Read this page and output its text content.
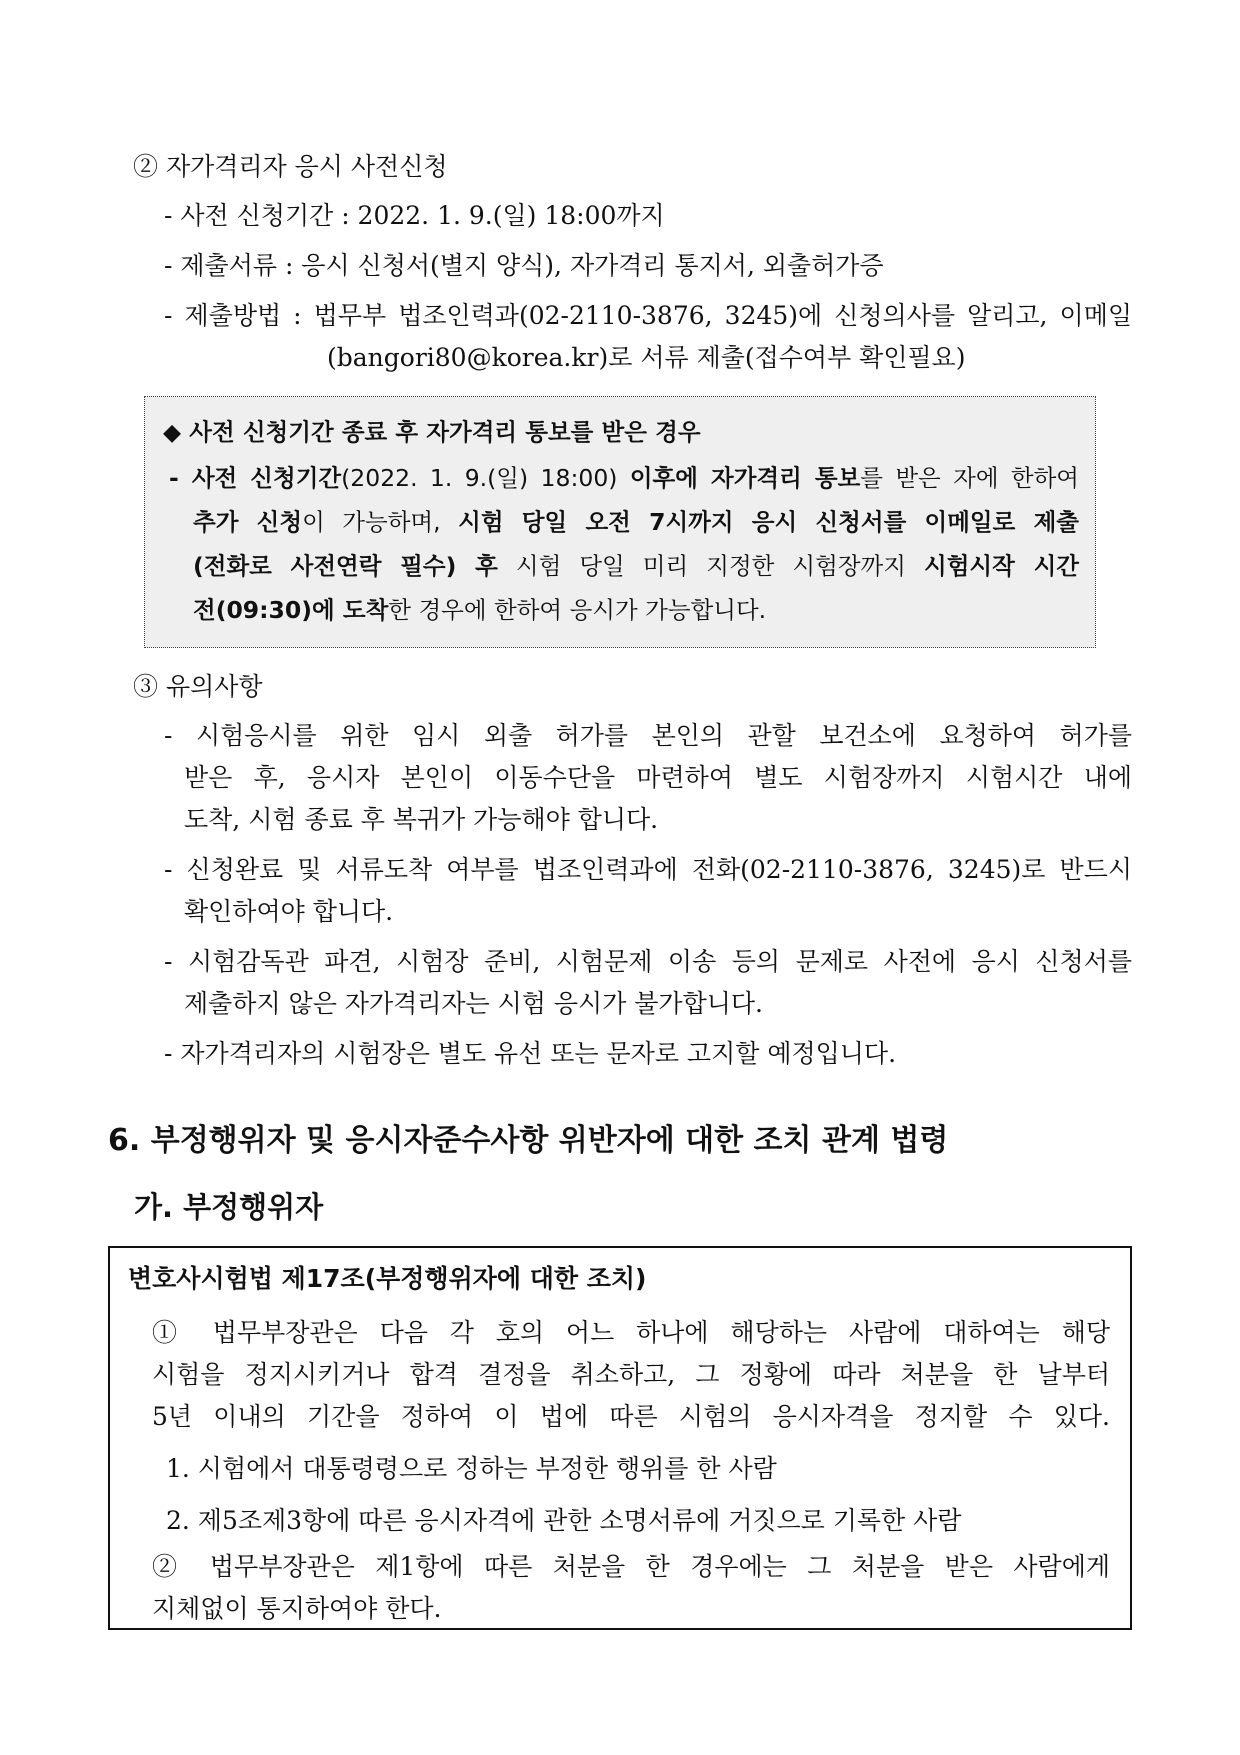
② 자가격리자 응시 사전신청
- 사전 신청기간 : 2022. 1. 9.(일) 18:00까지
- 제출서류 : 응시 신청서(별지 양식), 자가격리 통지서, 외출허가증
- 제출방법 : 법무부 법조인력과(02-2110-3876, 3245)에 신청의사를 알리고, 이메일
(bangori80@korea.kr)로 서류 제출(접수여부 확인필요)
◆ 사전 신청기간 종료 후 자가격리 통보를 받은 경우
- 사전 신청기간(2022. 1. 9.(일) 18:00) 이후에 자가격리 통보를 받은 자에 한하여
추가 신청이 가능하며, 시험 당일 오전 7시까지 응시 신청서를 이메일로 제출
(전화로 사전연락 필수) 후 시험 당일 미리 지정한 시험장까지 시험시작 시간
전(09:30)에 도착한 경우에 한하여 응시가 가능합니다.
③ 유의사항
- 시험응시를 위한 임시 외출 허가를 본인의 관할 보건소에 요청하여 허가를
받은 후, 응시자 본인이 이동수단을 마련하여 별도 시험장까지 시험시간 내에
도착, 시험 종료 후 복귀가 가능해야 합니다.
- 신청완료 및 서류도착 여부를 법조인력과에 전화(02-2110-3876, 3245)로 반드시
확인하여야 합니다.
- 시험감독관 파견, 시험장 준비, 시험문제 이송 등의 문제로 사전에 응시 신청서를
제출하지 않은 자가격리자는 시험 응시가 불가합니다.
- 자가격리자의 시험장은 별도 유선 또는 문자로 고지할 예정입니다.
6. 부정행위자 및 응시자준수사항 위반자에 대한 조치 관계 법령
가. 부정행위자
변호사시험법 제17조(부정행위자에 대한 조치)
① 법무부장관은 다음 각 호의 어느 하나에 해당하는 사람에 대하여는 해당
시험을 정지시키거나 합격 결정을 취소하고, 그 정황에 따라 처분을 한 날부터
5년 이내의 기간을 정하여 이 법에 따른 시험의 응시자격을 정지할 수 있다.
1. 시험에서 대통령령으로 정하는 부정한 행위를 한 사람
2. 제5조제3항에 따른 응시자격에 관한 소명서류에 거짓으로 기록한 사람
② 법무부장관은 제1항에 따른 처분을 한 경우에는 그 처분을 받은 사람에게
지체없이 통지하여야 한다.
